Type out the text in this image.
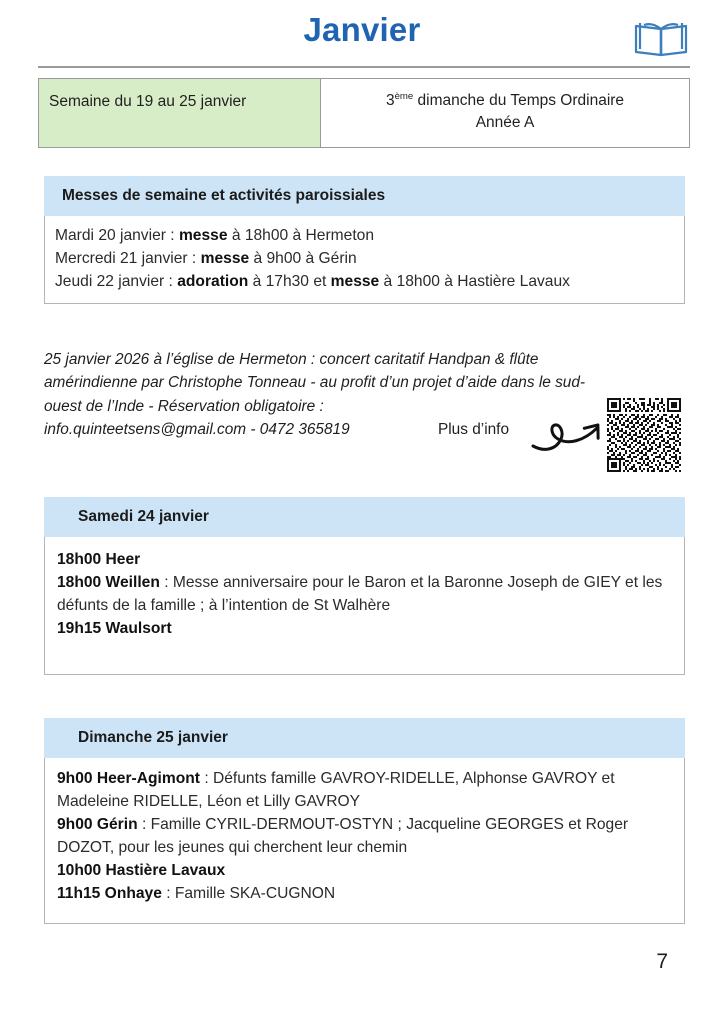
Janvier
Semaine du 19 au 25 janvier	3ème dimanche du Temps Ordinaire
Année A
Messes de semaine et activités paroissiales
Mardi 20 janvier : messe à 18h00 à Hermeton
Mercredi 21 janvier : messe à 9h00 à Gérin
Jeudi 22 janvier : adoration à 17h30 et messe à 18h00 à Hastière Lavaux
25 janvier 2026 à l’église de Hermeton : concert caritatif Handpan & flûte
amérindienne par Christophe Tonneau - au profit d’un projet d’aide dans le sud-
ouest de l’Inde - Réservation obligatoire :
info.quinteetsens@gmail.com - 0472 365819	Plus d’info
Samedi 24 janvier
18h00 Heer
18h00 Weillen : Messe anniversaire pour le Baron et la Baronne Joseph de GIEY et les défunts de la famille ; à l’intention de St Walhère
19h15 Waulsort
Dimanche 25 janvier
9h00 Heer-Agimont : Défunts famille GAVROY-RIDELLE, Alphonse GAVROY et Madeleine RIDELLE, Léon et Lilly GAVROY
9h00 Gérin : Famille CYRIL-DERMOUT-OSTYN ; Jacqueline GEORGES et Roger DOZOT, pour les jeunes qui cherchent leur chemin
10h00 Hastière Lavaux
11h15 Onhaye : Famille SKA-CUGNON
7
